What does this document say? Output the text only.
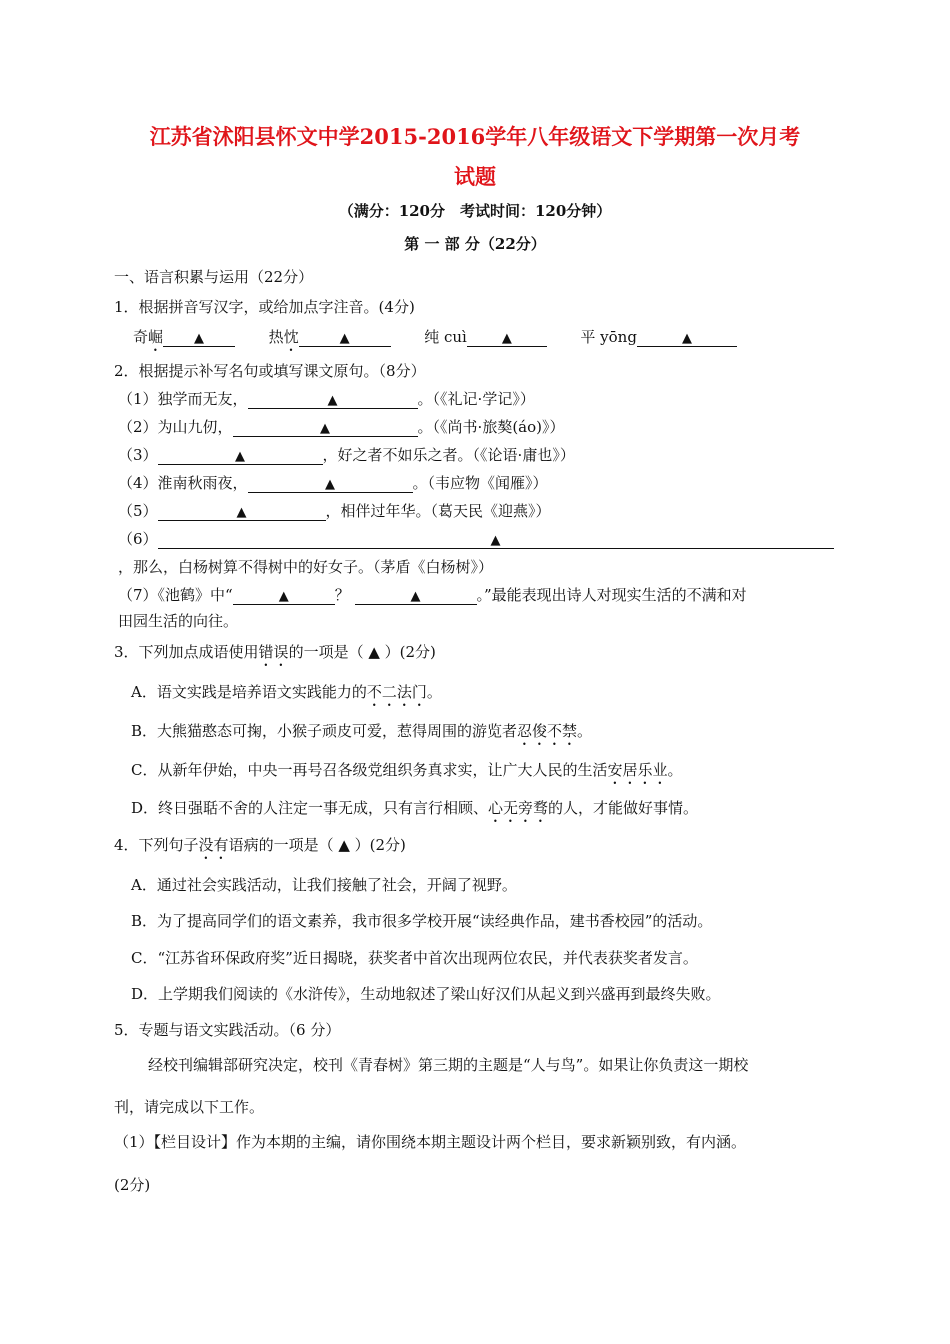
江苏省沭阳县怀文中学2015-2016学年八年级语文下学期第一次月考
试题
（满分：120分　考试时间：120分钟）
第 一 部 分（22分）
一、语言积累与运用（22分）
1．根据拼音写汉字，或给加点字注音。(4分)
奇崛 ▲	热忱	▲	纯 cuì	▲	平 yōng	▲
2．根据提示补写名句或填写课文原句。（8分）
（1）独学而无友，	▲	。（《礼记·学记》）
（2）为山九仞，	▲	。（《尚书·旅獒(áo)》）
（3）	▲	，好之者不如乐之者。（《论语·庸也》）
（4）淮南秋雨夜，	▲	。（韦应物《闻雁》）
（5）	▲	，相伴过年华。（葛天民《迎燕》）
（6）	▲
，那么，白杨树算不得树中的好女子。（茅盾《白杨树》）
（7）《池鹤》中“	▲	？	▲	。”最能表现出诗人对现实生活的不满和对
田园生活的向往。
3．下列加点成语使用错误的一项是（ ▲ ）(2分)
A．语文实践是培养语文实践能力的不二法门。
B．大熊猫憨态可掬，小猴子顽皮可爱，惹得周围的游览者忍俊不禁。
C．从新年伊始，中央一再号召各级党组织务真求实，让广大人民的生活安居乐业。
D．终日强聒不舍的人注定一事无成，只有言行相顾、心无旁骛的人，才能做好事情。
4．下列句子没有语病的一项是（ ▲ ）(2分)
A．通过社会实践活动，让我们接触了社会，开阔了视野。
B．为了提高同学们的语文素养，我市很多学校开展“读经典作品，建书香校园”的活动。
C．“江苏省环保政府奖”近日揭晓，获奖者中首次出现两位农民，并代表获奖者发言。
D．上学期我们阅读的《水浒传》，生动地叙述了梁山好汉们从起义到兴盛再到最终失败。
5．专题与语文实践活动。（6 分）
经校刊编辑部研究决定，校刊《青春树》第三期的主题是“人与鸟”。如果让你负责这一期校
刊，请完成以下工作。
（1）【栏目设计】作为本期的主编，请你围绕本期主题设计两个栏目，要求新颖别致，有内涵。
(2分)
